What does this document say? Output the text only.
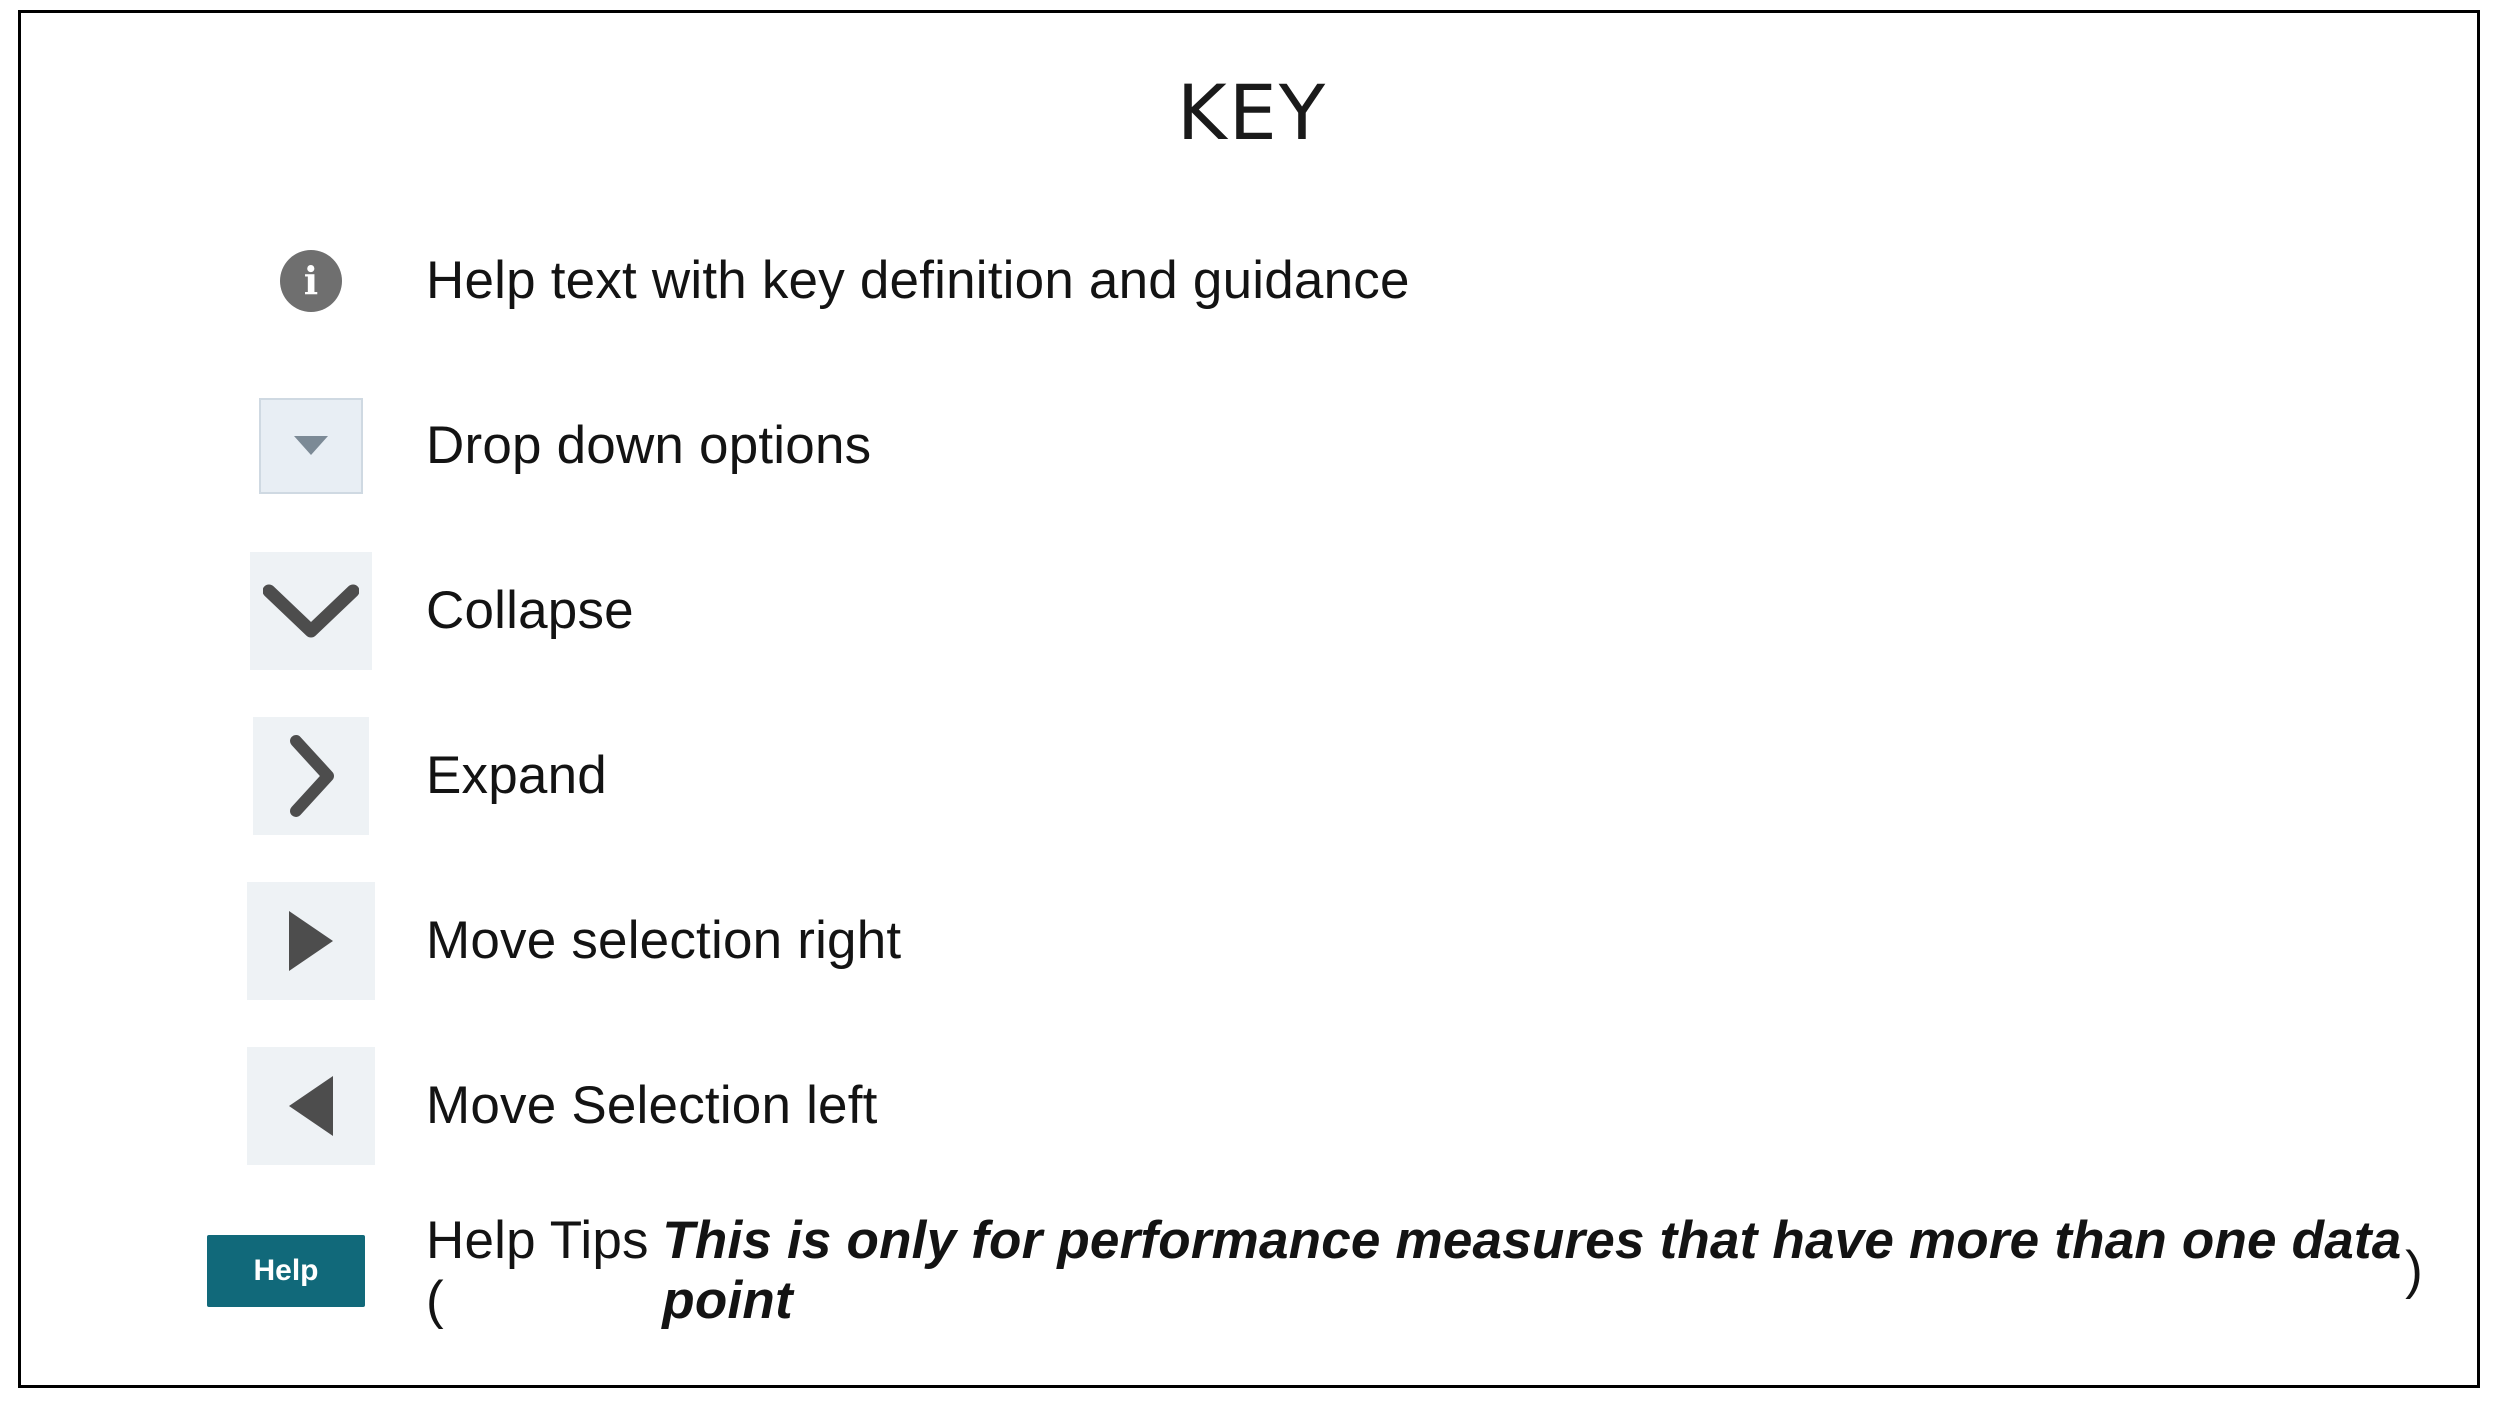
KEY
i	Help text with key definition and guidance
Drop down options
Collapse
Expand
Move selection right
Move Selection left
Help	Help Tips (
This is only for performance measures that have more than one data point
)
